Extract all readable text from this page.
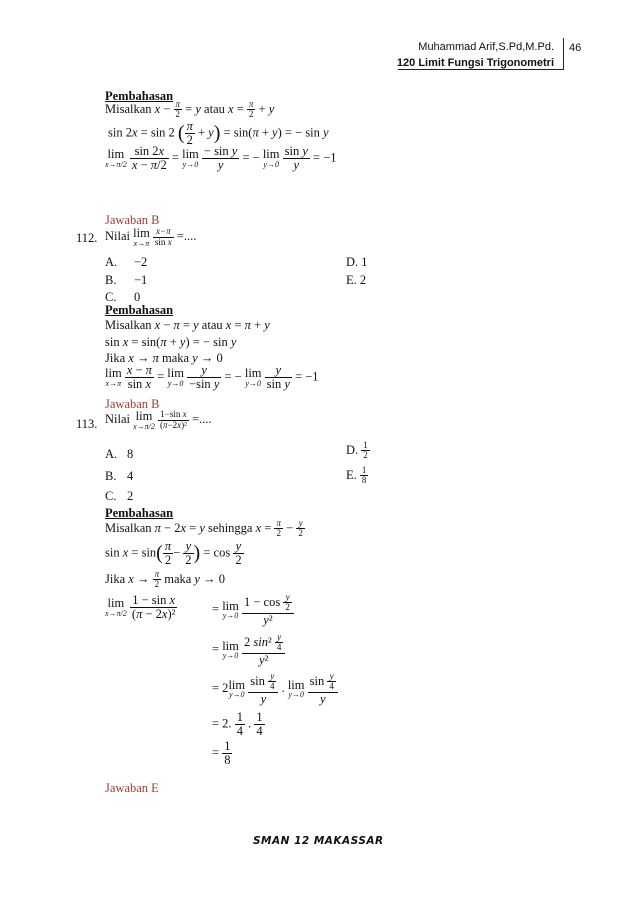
Muhammad Arif,S.Pd,M.Pd.
120 Limit Fungsi Trigonometri
46
Pembahasan
Misalkan $x - \frac{\pi}{2} = y$ atau $x = \frac{\pi}{2} + y$
sin 2x = sin 2 ( $\frac{\pi}{2} + y) = \sin(\pi + y)$ = − sin y
lim
x→π/2
$\frac{\sin 2x}{x - \pi/2} = \lim$
y→0
$\frac{\text{− sin y}}{y}$ = − lim
y→0
$\frac{\text{sin y}}{y} = -1$
Jawaban B
112. Nilai lim
x→π
$\frac{x-\pi}{\text{sin x}}$ =....
A. −2
B. −1
C. 0
D. 1
E. 2
Pembahasan
Misalkan x − π = y atau x = π + y
sin x = sin(π + y) = − sin y
Jika x → π maka y → 0
lim
x→π
$\frac{x - \pi}{\text{sin x}} = \lim$
y→0
$\frac{y}{\text{−sin y}}$ = − lim
y→0
$\frac{y}{\text{sin y}} = -1$
Jawaban B
113. Nilai lim
x→π/2
$\frac{\text{1−sin x}}{\text{(π−2x)²}}$ =....
A. 8
B. 4
C. 2
D. $\frac{1}{2}$
E. $\frac{1}{8}$
Pembahasan
Misalkan π − 2x = y sehingga $x = \frac{\pi}{2} - \frac{y}{2}$
$\sin x = \sin( \frac{\pi}{2} - \frac{y}{2}$ ) = $\cos \frac{y}{2}$
Jika $x \to \frac{\pi}{2}$ maka y → 0
lim
x→π/2
$\frac{\text{1 − sin x}}{\text{(π − 2x)²}}$	= lim
y→0
$\frac{1 - \cos \frac{y}{2}}{\text{y²}}$
= lim
y→0
$\frac{2 \sin^2 \frac{y}{4}}{\text{y²}}$
= 2 lim
y→0
$\frac{\sin \frac{y}{4}}{y}$ . lim
y→0
$\frac{\sin \frac{y}{4}}{y}$
= 2. $\frac{1}{4}$ . $\frac{1}{4}$
= $\frac{1}{8}$
Jawaban E
SMAN 12 MAKASSAR
